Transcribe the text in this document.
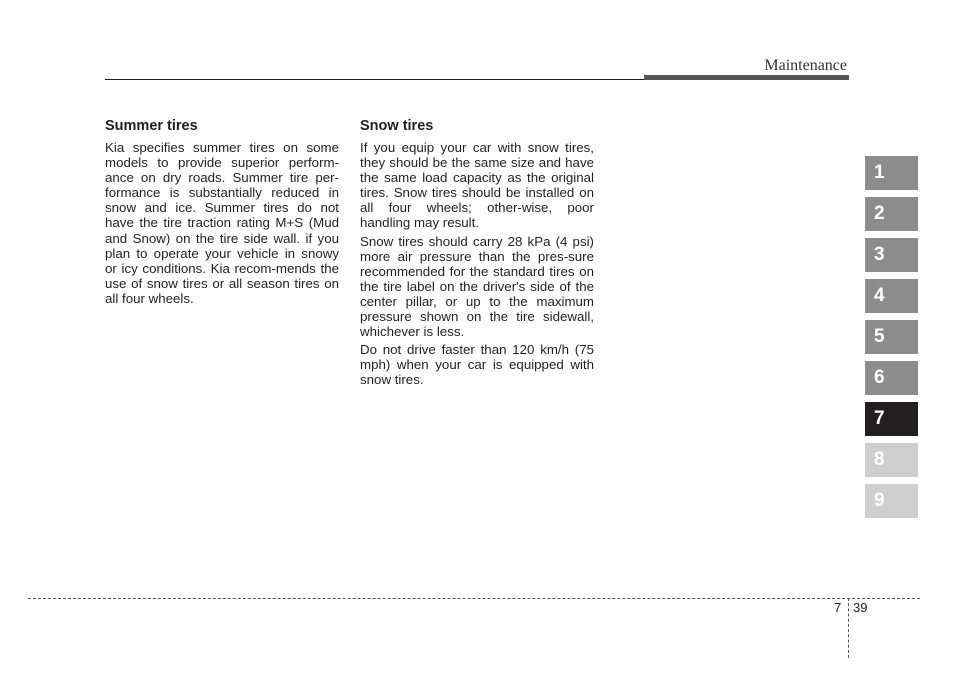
Maintenance
Summer tires

Kia specifies summer tires on some models to provide superior perform-ance on dry roads. Summer tire per-formance is substantially reduced in snow and ice. Summer tires do not have the tire traction rating M+S (Mud and Snow) on the tire side wall. if you plan to operate your vehicle in snowy or icy conditions. Kia recom-mends the use of snow tires or all season tires on all four wheels.

Snow tires

If you equip your car with snow tires, they should be the same size and have the same load capacity as the original tires. Snow tires should be installed on all four wheels; other-wise, poor handling may result.

Snow tires should carry 28 kPa (4 psi) more air pressure than the pres-sure recommended for the standard tires on the tire label on the driver's side of the center pillar, or up to the maximum pressure shown on the tire sidewall, whichever is less.

Do not drive faster than 120 km/h (75 mph) when your car is equipped with snow tires.

1
2
3
4
5
6
7
8
9
7 39
